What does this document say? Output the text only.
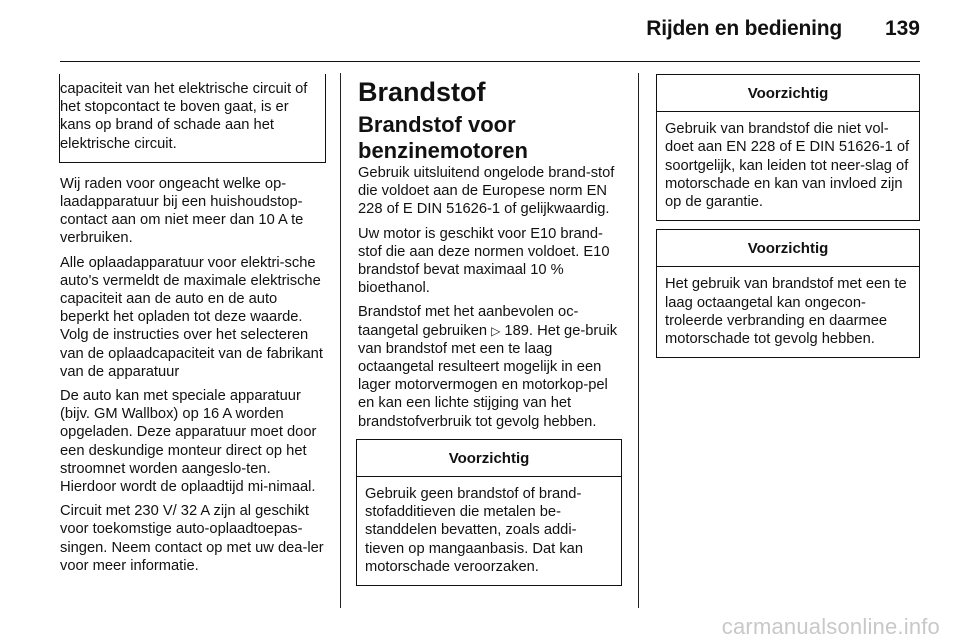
Rijden en bediening 139
capaciteit van het elektrische circuit of het stopcontact te boven gaat, is er kans op brand of schade aan het elektrische circuit.

Wij raden voor ongeacht welke op-laadapparatuur bij een huishoudstop-contact aan om niet meer dan 10 A te verbruiken.

Alle oplaadapparatuur voor elektri-sche auto's vermeldt de maximale elektrische capaciteit aan de auto en de auto beperkt het opladen tot deze waarde. Volg de instructies over het selecteren van de oplaadcapaciteit van de fabrikant van de apparatuur

De auto kan met speciale apparatuur (bijv. GM Wallbox) op 16 A worden opgeladen. Deze apparatuur moet door een deskundige monteur direct op het stroomnet worden aangeslo-ten. Hierdoor wordt de oplaadtijd mi-nimaal.

Circuit met 230 V/ 32 A zijn al geschikt voor toekomstige auto-oplaadtoepas-singen. Neem contact op met uw dea-ler voor meer informatie.

Brandstof
Brandstof voor benzinemotoren

Gebruik uitsluitend ongelode brand-stof die voldoet aan de Europese norm EN 228 of E DIN 51626-1 of gelijkwaardig.

Uw motor is geschikt voor E10 brand-stof die aan deze normen voldoet. E10 brandstof bevat maximaal 10 % bioethanol.

Brandstof met het aanbevolen oc-taangetal gebruiken ▷ 189. Het ge-bruik van brandstof met een te laag octaangetal resulteert mogelijk in een lager motorvermogen en motorkop-pel en kan een lichte stijging van het brandstofverbruik tot gevolg hebben.

Voorzichtig
Gebruik geen brandstof of brand-stofadditieven die metalen be-standdelen bevatten, zoals addi-tieven op mangaanbasis. Dat kan motorschade veroorzaken.
Voorzichtig
Gebruik van brandstof die niet vol-doet aan EN 228 of E DIN 51626-1 of soortgelijk, kan leiden tot neer-slag of motorschade en kan van invloed zijn op de garantie.
Voorzichtig
Het gebruik van brandstof met een te laag octaangetal kan ongecon-troleerde verbranding en daarmee motorschade tot gevolg hebben.
carmanualsonline.info
